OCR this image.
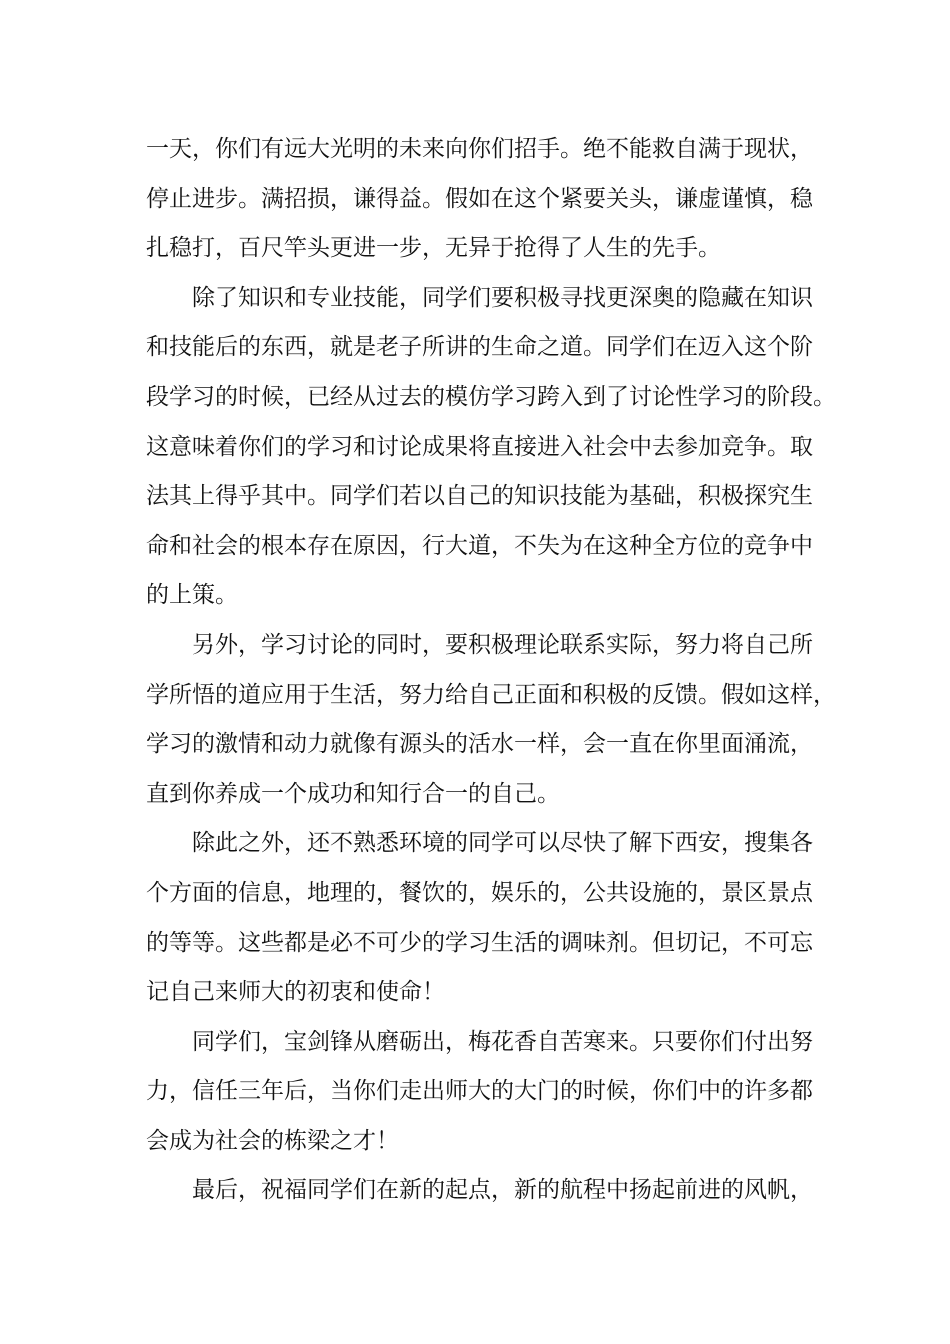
一天，你们有远大光明的未来向你们招手。绝不能救自满于现状，
停止进步。满招损，谦得益。假如在这个紧要关头，谦虚谨慎，稳
扎稳打，百尺竿头更进一步，无异于抢得了人生的先手。
除了知识和专业技能，同学们要积极寻找更深奥的隐藏在知识
和技能后的东西，就是老子所讲的生命之道。同学们在迈入这个阶
段学习的时候，已经从过去的模仿学习跨入到了讨论性学习的阶段。
这意味着你们的学习和讨论成果将直接进入社会中去参加竞争。取
法其上得乎其中。同学们若以自己的知识技能为基础，积极探究生
命和社会的根本存在原因，行大道，不失为在这种全方位的竞争中
的上策。
另外，学习讨论的同时，要积极理论联系实际，努力将自己所
学所悟的道应用于生活，努力给自己正面和积极的反馈。假如这样，
学习的激情和动力就像有源头的活水一样，会一直在你里面涌流，
直到你养成一个成功和知行合一的自己。
除此之外，还不熟悉环境的同学可以尽快了解下西安，搜集各
个方面的信息，地理的，餐饮的，娱乐的，公共设施的，景区景点
的等等。这些都是必不可少的学习生活的调味剂。但切记，不可忘
记自己来师大的初衷和使命！
同学们，宝剑锋从磨砺出，梅花香自苦寒来。只要你们付出努
力，信任三年后，当你们走出师大的大门的时候，你们中的许多都
会成为社会的栋梁之才！
最后，祝福同学们在新的起点，新的航程中扬起前进的风帆，
